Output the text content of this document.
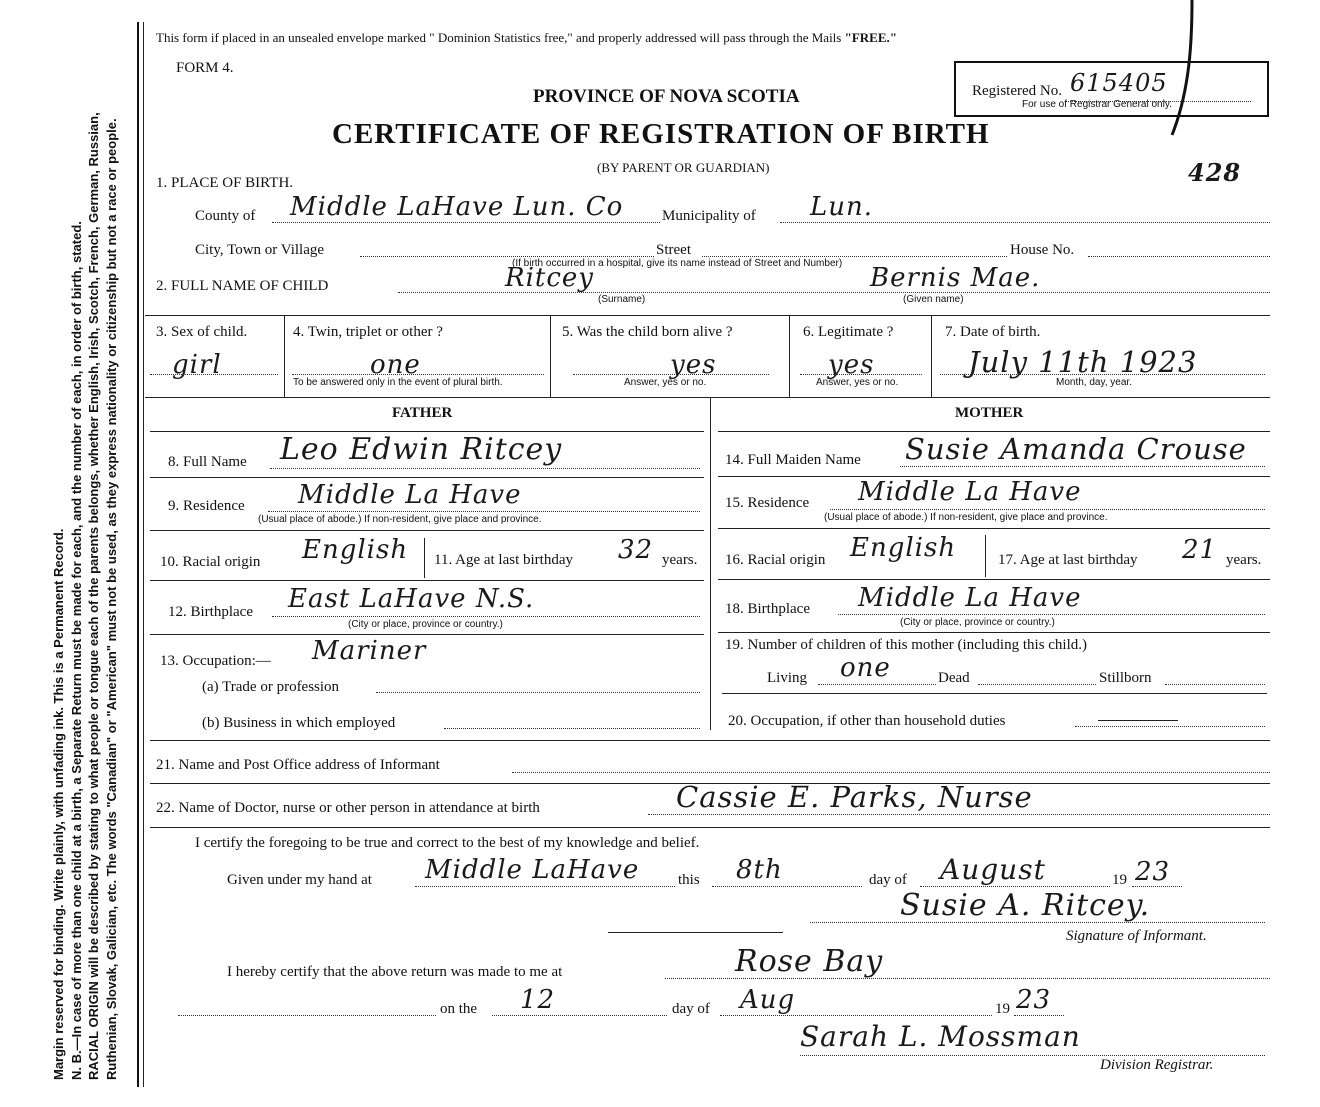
Margin reserved for binding. Write plainly, with unfading ink. This is a Permanent Record. N. B.—In case of more than one child at a birth, a Separate Return must be made for each, and the number of each, in order of birth, stated. RACIAL ORIGIN will be described by stating to what people or tongue each of the parents belongs, whether English, Irish, Scotch, French, German, Russian, Ruthenian, Slovak, Galician, etc. The words "Canadian" or "American" must not be used, as they express nationality or citizenship but not a race or people.
This form if placed in an unsealed envelope marked " Dominion Statistics free," and properly addressed will pass through the Mails "FREE."
FORM 4.
PROVINCE OF NOVA SCOTIA
CERTIFICATE OF REGISTRATION OF BIRTH
(BY PARENT OR GUARDIAN)
Registered No. 615405
For use of Registrar General only.
428
1. PLACE OF BIRTH.
County of Middle LaHave Lun. Co	Municipality of Lun.
City, Town or Village	Street	House No.
(If birth occurred in a hospital, give its name instead of Street and Number)
2. FULL NAME OF CHILD	Ritcey	Bernis Mae.
(Surname)	(Given name)
3. Sex of child.
girl
4. Twin, triplet or other ?
one
To be answered only in the event of plural birth.
5. Was the child born alive ?
yes
Answer, yes or no.
6. Legitimate ?
yes
Answer, yes or no.
7. Date of birth.
July 11th 1923
Month, day, year.
FATHER	MOTHER
8. Full Name Leo Edwin Ritcey	14. Full Maiden Name Susie Amanda Crouse
9. Residence Middle La Have
(Usual place of abode.) If non-resident, give place and province.
15. Residence Middle La Have
(Usual place of abode.) If non-resident, give place and province.
10. Racial origin English 11. Age at last birthday 32 years. 16. Racial origin English	17. Age at last birthday 21 years.
12. Birthplace East LaHave N.S.
(City or place, province or country.)
18. Birthplace Middle La Have
(City or place, province or country.)
13. Occupation:— Mariner
(a) Trade or profession
(b) Business in which employed
19. Number of children of this mother (including this child.)
Living one	Dead	Stillborn
20. Occupation, if other than household duties
21. Name and Post Office address of Informant
22. Name of Doctor, nurse or other person in attendance at birth	Cassie E. Parks, Nurse
I certify the foregoing to be true and correct to the best of my knowledge and belief.
Given under my hand at Middle LaHave	this 8th	day of August	19 23
Susie A. Ritcey.
Signature of Informant.
I hereby certify that the above return was made to me at	Rose Bay
on the 12	day of Aug	19 23
Sarah L. Mossman
Division Registrar.
